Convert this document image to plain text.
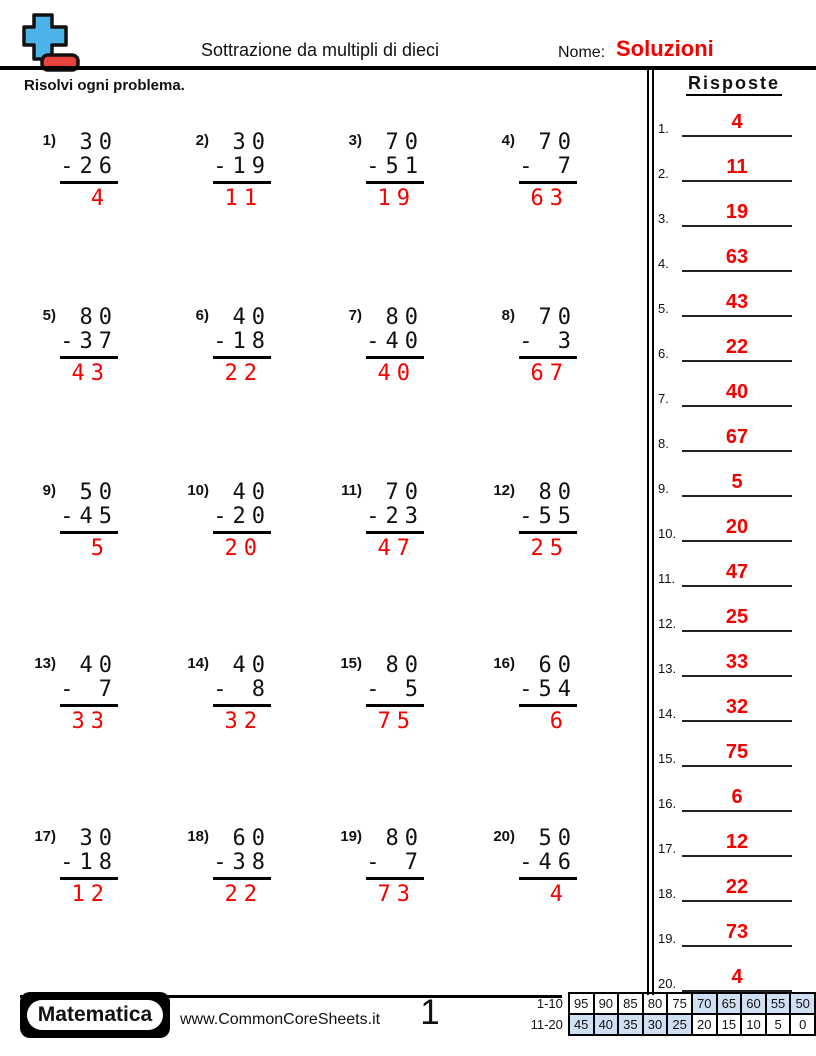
Sottrazione da multipli di dieci	Nome: Soluzioni
Risolvi ogni problema.
1)	30
-26
4
2)	30
-19
11
3)	70
-51
19
4)	70
- 7
63
5)	80
-37
43
6)	40
-18
22
7)	80
-40
40
8)	70
- 3
67
9)	50
-45
5
10)	40
-20
20
11)	70
-23
47
12)	80
-55
25
13)	40
- 7
33
14)	40
- 8
32
15)	80
- 5
75
16)	60
-54
6
17)	30
-18
12
18)	60
-38
22
19)	80
- 7
73
20)	50
-46
4
Risposte
1.	4
2.	11
3.	19
4.	63
5.	43
6.	22
7.	40
8.	67
9.	5
10.	20
11.	47
12.	25
13.	33
14.	32
15.	75
16.	6
17.	12
18.	22
19.	73
20.	4
Matematica	www.CommonCoreSheets.it	1	1-10	95	90	85	80	75	70	65	60	55	50
11-20	45	40	35	30	25	20	15	10	5	0
